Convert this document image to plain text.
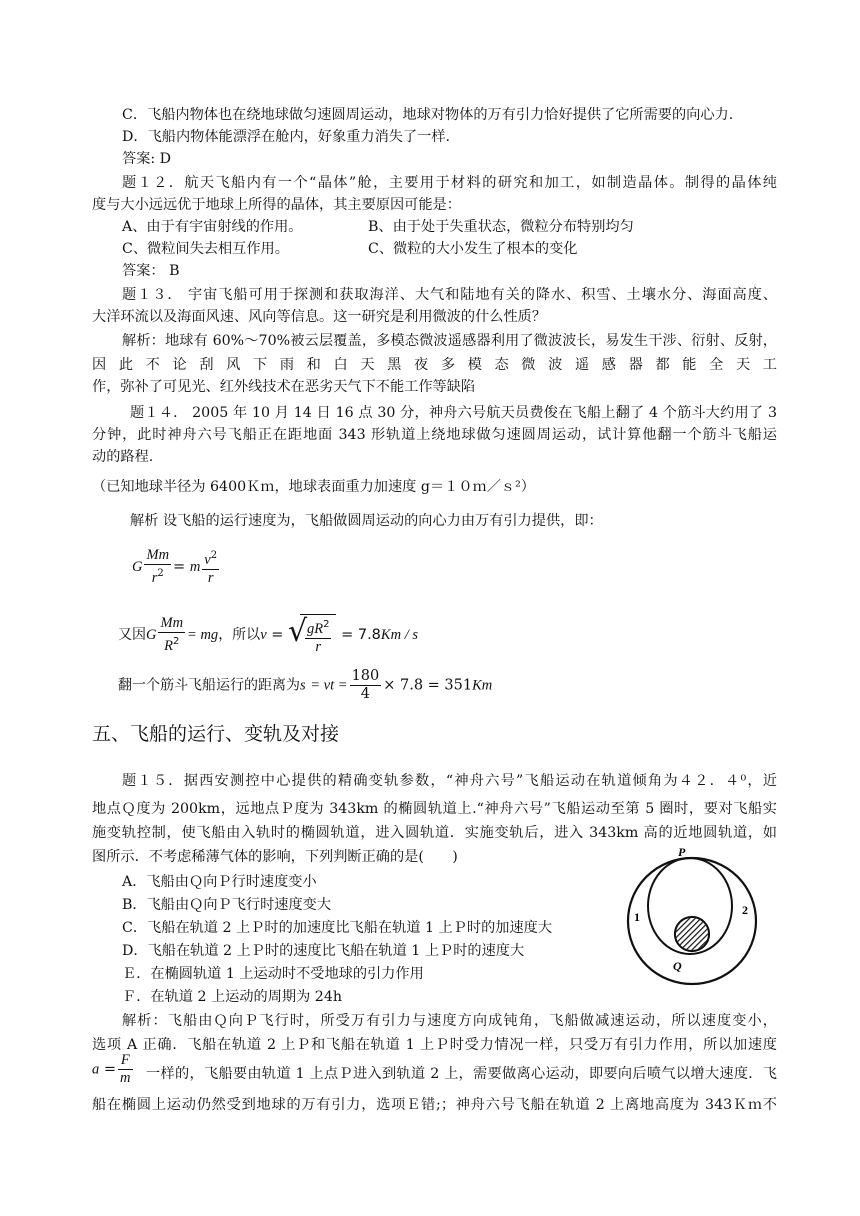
C．飞船内物体也在绕地球做匀速圆周运动，地球对物体的万有引力恰好提供了它所需要的向心力.
D．飞船内物体能漂浮在舱内，好象重力消失了一样.
答案: D
题１２．航天飞船内有一个“晶体”舱，主要用于材料的研究和加工，如制造晶体。制得的晶体纯
度与大小远远优于地球上所得的晶体，其主要原因可能是：
A、由于有宇宙射线的作用。	B、由于处于失重状态，微粒分布特别均匀
C、微粒间失去相互作用。	C、微粒的大小发生了根本的变化
答案： B
题１３． 宇宙飞船可用于探测和获取海洋、大气和陆地有关的降水、积雪、土壤水分、海面高度、
大洋环流以及海面风速、风向等信息。这一研究是利用微波的什么性质？
解析：地球有 60%～70%被云层覆盖，多模态微波遥感器利用了微波波长，易发生干涉、衍射、反射，
因此不论刮风下雨和白天黑夜多模态微波遥感器都能全天工
作，弥补了可见光、红外线技术在恶劣天气下不能工作等缺陷
题１４． 2005 年 10 月 14 日 16 点 30 分，神舟六号航天员费俊在飞船上翻了 4 个筋斗大约用了 3
分钟，此时神舟六号飞船正在距地面 343 形轨道上绕地球做匀速圆周运动，试计算他翻一个筋斗飞船运
动的路程.
（已知地球半径为 6400Ｋｍ，地球表面重力加速度 g＝１０ｍ／ｓ²）
解析 设飞船的运行速度为，飞船做圆周运动的向心力由万有引力提供，即：
题１５．据西安测控中心提供的精确变轨参数，“神舟六号”飞船运动在轨道倾角为４２．４⁰，近
地点Ｑ度为 200km，远地点Ｐ度为 343km 的椭圆轨道上.“神舟六号”飞船运动至第 5 圈时，要对飞船实
施变轨控制，使飞船由入轨时的椭圆轨道，进入圆轨道．实施变轨后，进入 343km 高的近地圆轨道，如
图所示．不考虑稀薄气体的影响，下列判断正确的是(　　)
A．飞船由Ｑ向Ｐ行时速度变小
B．飞船由Ｑ向Ｐ飞行时速度变大
C．飞船在轨道 2 上Ｐ时的加速度比飞船在轨道 1 上Ｐ时的加速度大
D．飞船在轨道 2 上Ｐ时的速度比飞船在轨道 1 上Ｐ时的速度大
Ｅ．在椭圆轨道 1 上运动时不受地球的引力作用
Ｆ．在轨道 2 上运动的周期为 24h
解析：飞船由Ｑ向Ｐ飞行时，所受万有引力与速度方向成钝角，飞船做减速运动，所以速度变小，
选项 A 正确．飞船在轨道 2 上Ｐ和飞船在轨道 1 上Ｐ时受力情况一样，只受万有引力作用，所以加速度
一样的，飞船要由轨道 1 上点Ｐ进入到轨道 2 上，需要做离心运动，即要向后喷气以增大速度．飞
船在椭圆上运动仍然受到地球的万有引力，选项Ｅ错;；神舟六号飞船在轨道 2 上离地高度为 343Ｋｍ不
五、飞船的运行、变轨及对接
G $\frac{Mm}{r^2} = m \frac{v^2}{r}$
又因G $\frac{Mm}{R^2}$ = mg，所以v = √
$\frac{gR^2}{r} = 7.8Km / s$
翻一个筋斗飞船运行的距离为s = vt = $\frac{180}{4} \times 7.8 = 351Km$
$a = \frac{F}{m}$
P
Q
1	2
